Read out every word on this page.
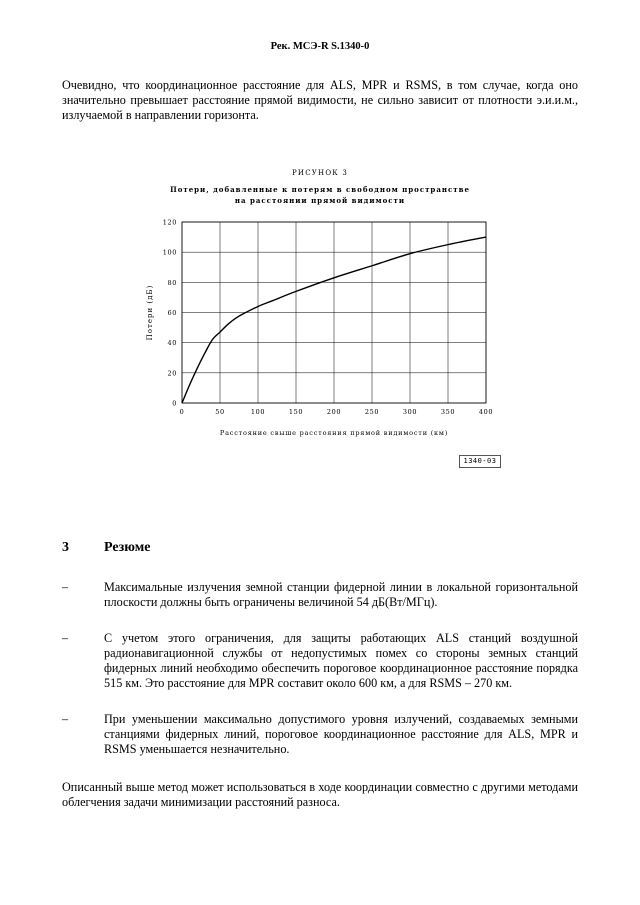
Рек. МСЭ-R S.1340-0

Очевидно, что координационное расстояние для ALS, MPR и RSMS, в том случае, когда оно значительно превышает расстояние прямой видимости, не сильно зависит от плотности э.и.и.м., излучаемой в направлении горизонта.

РИСУНОК 3
Потери, добавленные к потерям в свободном пространстве
на расстоянии прямой видимости
0
20
40
60
80
100
120
0	50	100	150	200	250	300	350	400
Потери (дБ)
Расстояние свыше расстояния прямой видимости (км)
1340-03
3	Резюме
–	Максимальные излучения земной станции фидерной линии в локальной горизонтальной плоскости должны быть ограничены величиной 54 дБ(Вт/МГц).
–	С учетом этого ограничения, для защиты работающих ALS станций воздушной радионавигационной службы от недопустимых помех со стороны земных станций фидерных линий необходимо обеспечить пороговое координационное расстояние порядка 515 км. Это расстояние для MPR составит около 600 км, а для RSMS – 270 км.
–	При уменьшении максимально допустимого уровня излучений, создаваемых земными станциями фидерных линий, пороговое координационное расстояние для ALS, MPR и RSMS уменьшается незначительно.

Описанный выше метод может использоваться в ходе координации совместно с другими методами облегчения задачи минимизации расстояний разноса.
